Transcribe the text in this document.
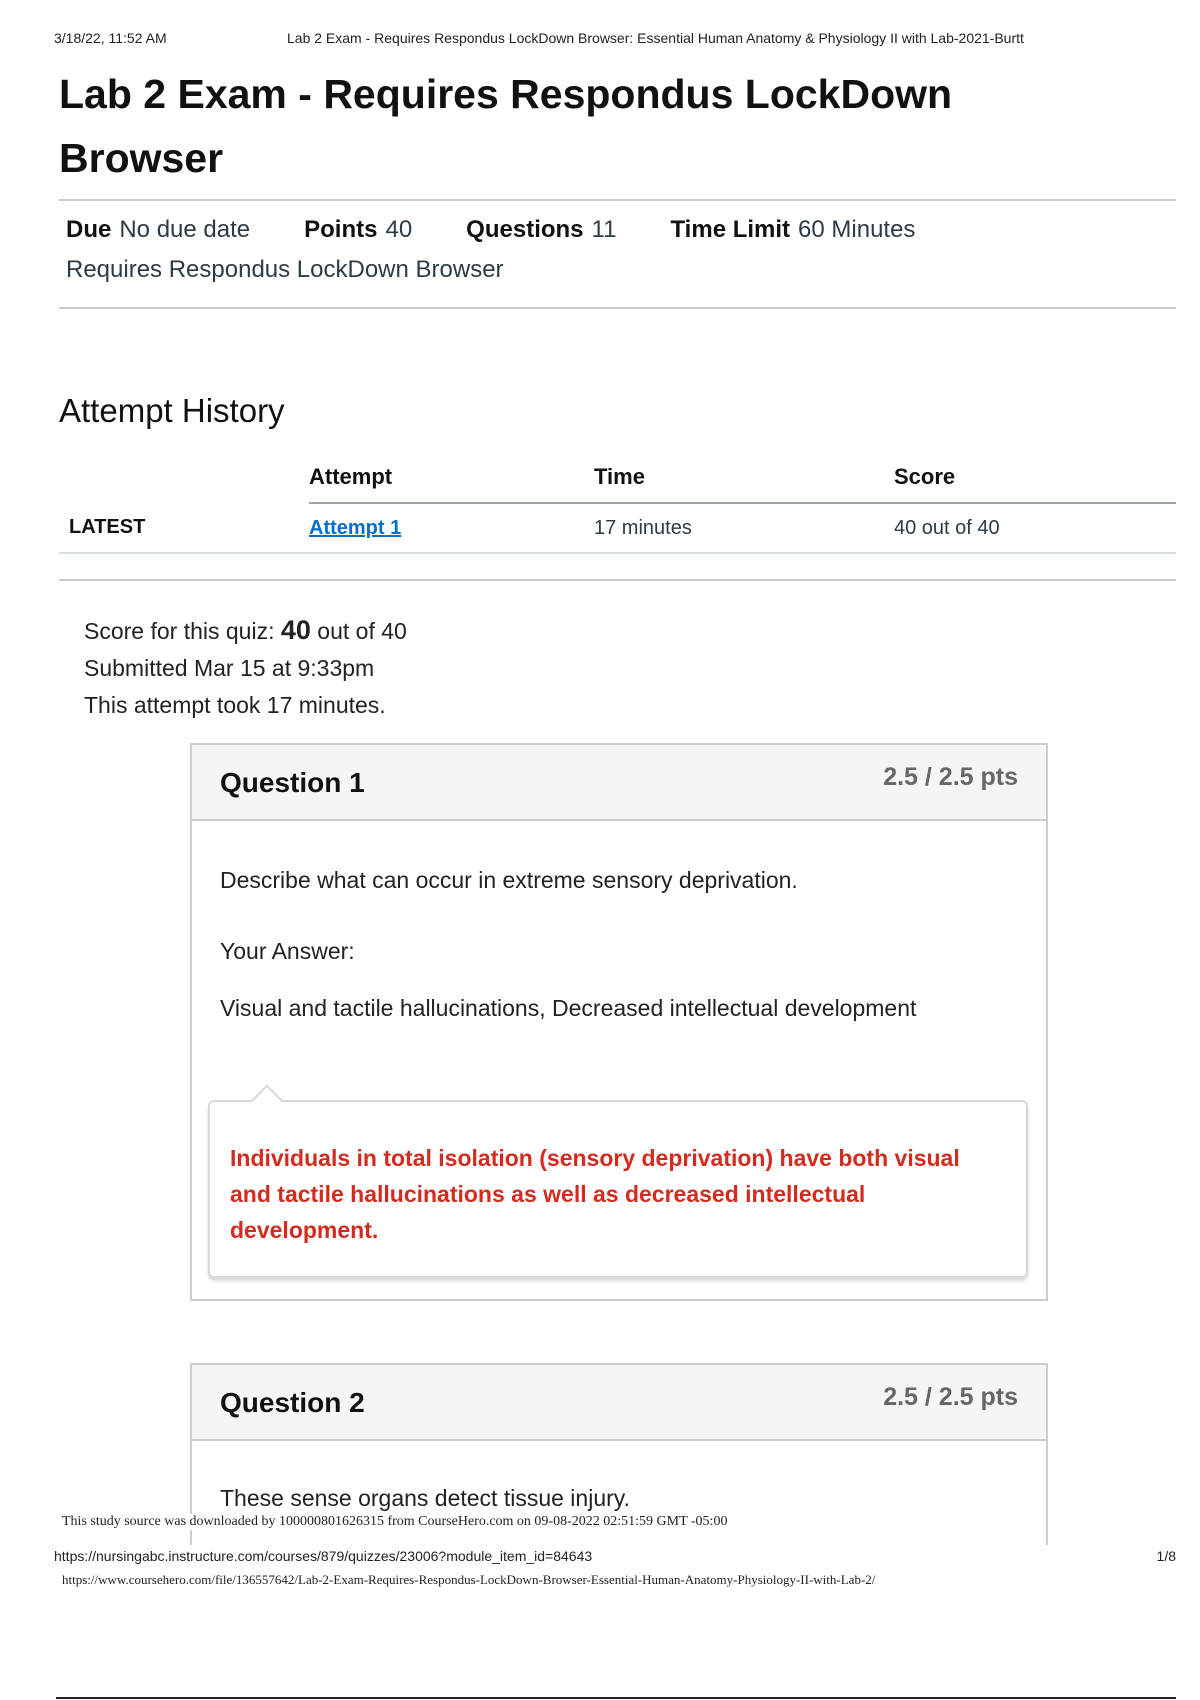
3/18/22, 11:52 AM	Lab 2 Exam - Requires Respondus LockDown Browser: Essential Human Anatomy & Physiology II with Lab-2021-Burtt
Lab 2 Exam - Requires Respondus LockDown Browser
Due No due date Points 40 Questions 11 Time Limit 60 Minutes
Requires Respondus LockDown Browser
Attempt History
	Attempt	Time	Score
LATEST	Attempt 1	17 minutes	40 out of 40
Score for this quiz: 40 out of 40
Submitted Mar 15 at 9:33pm
This attempt took 17 minutes.
Question 1	2.5 / 2.5 pts
Describe what can occur in extreme sensory deprivation.
Your Answer:
Visual and tactile hallucinations, Decreased intellectual development
Individuals in total isolation (sensory deprivation) have both visual and tactile hallucinations as well as decreased intellectual development.
Question 2	2.5 / 2.5 pts
These sense organs detect tissue injury.
This study source was downloaded by 100000801626315 from CourseHero.com on 09-08-2022 02:51:59 GMT -05:00
https://nursingabc.instructure.com/courses/879/quizzes/23006?module_item_id=84643	1/8
https://www.coursehero.com/file/136557642/Lab-2-Exam-Requires-Respondus-LockDown-Browser-Essential-Human-Anatomy-Physiology-II-with-Lab-2/
